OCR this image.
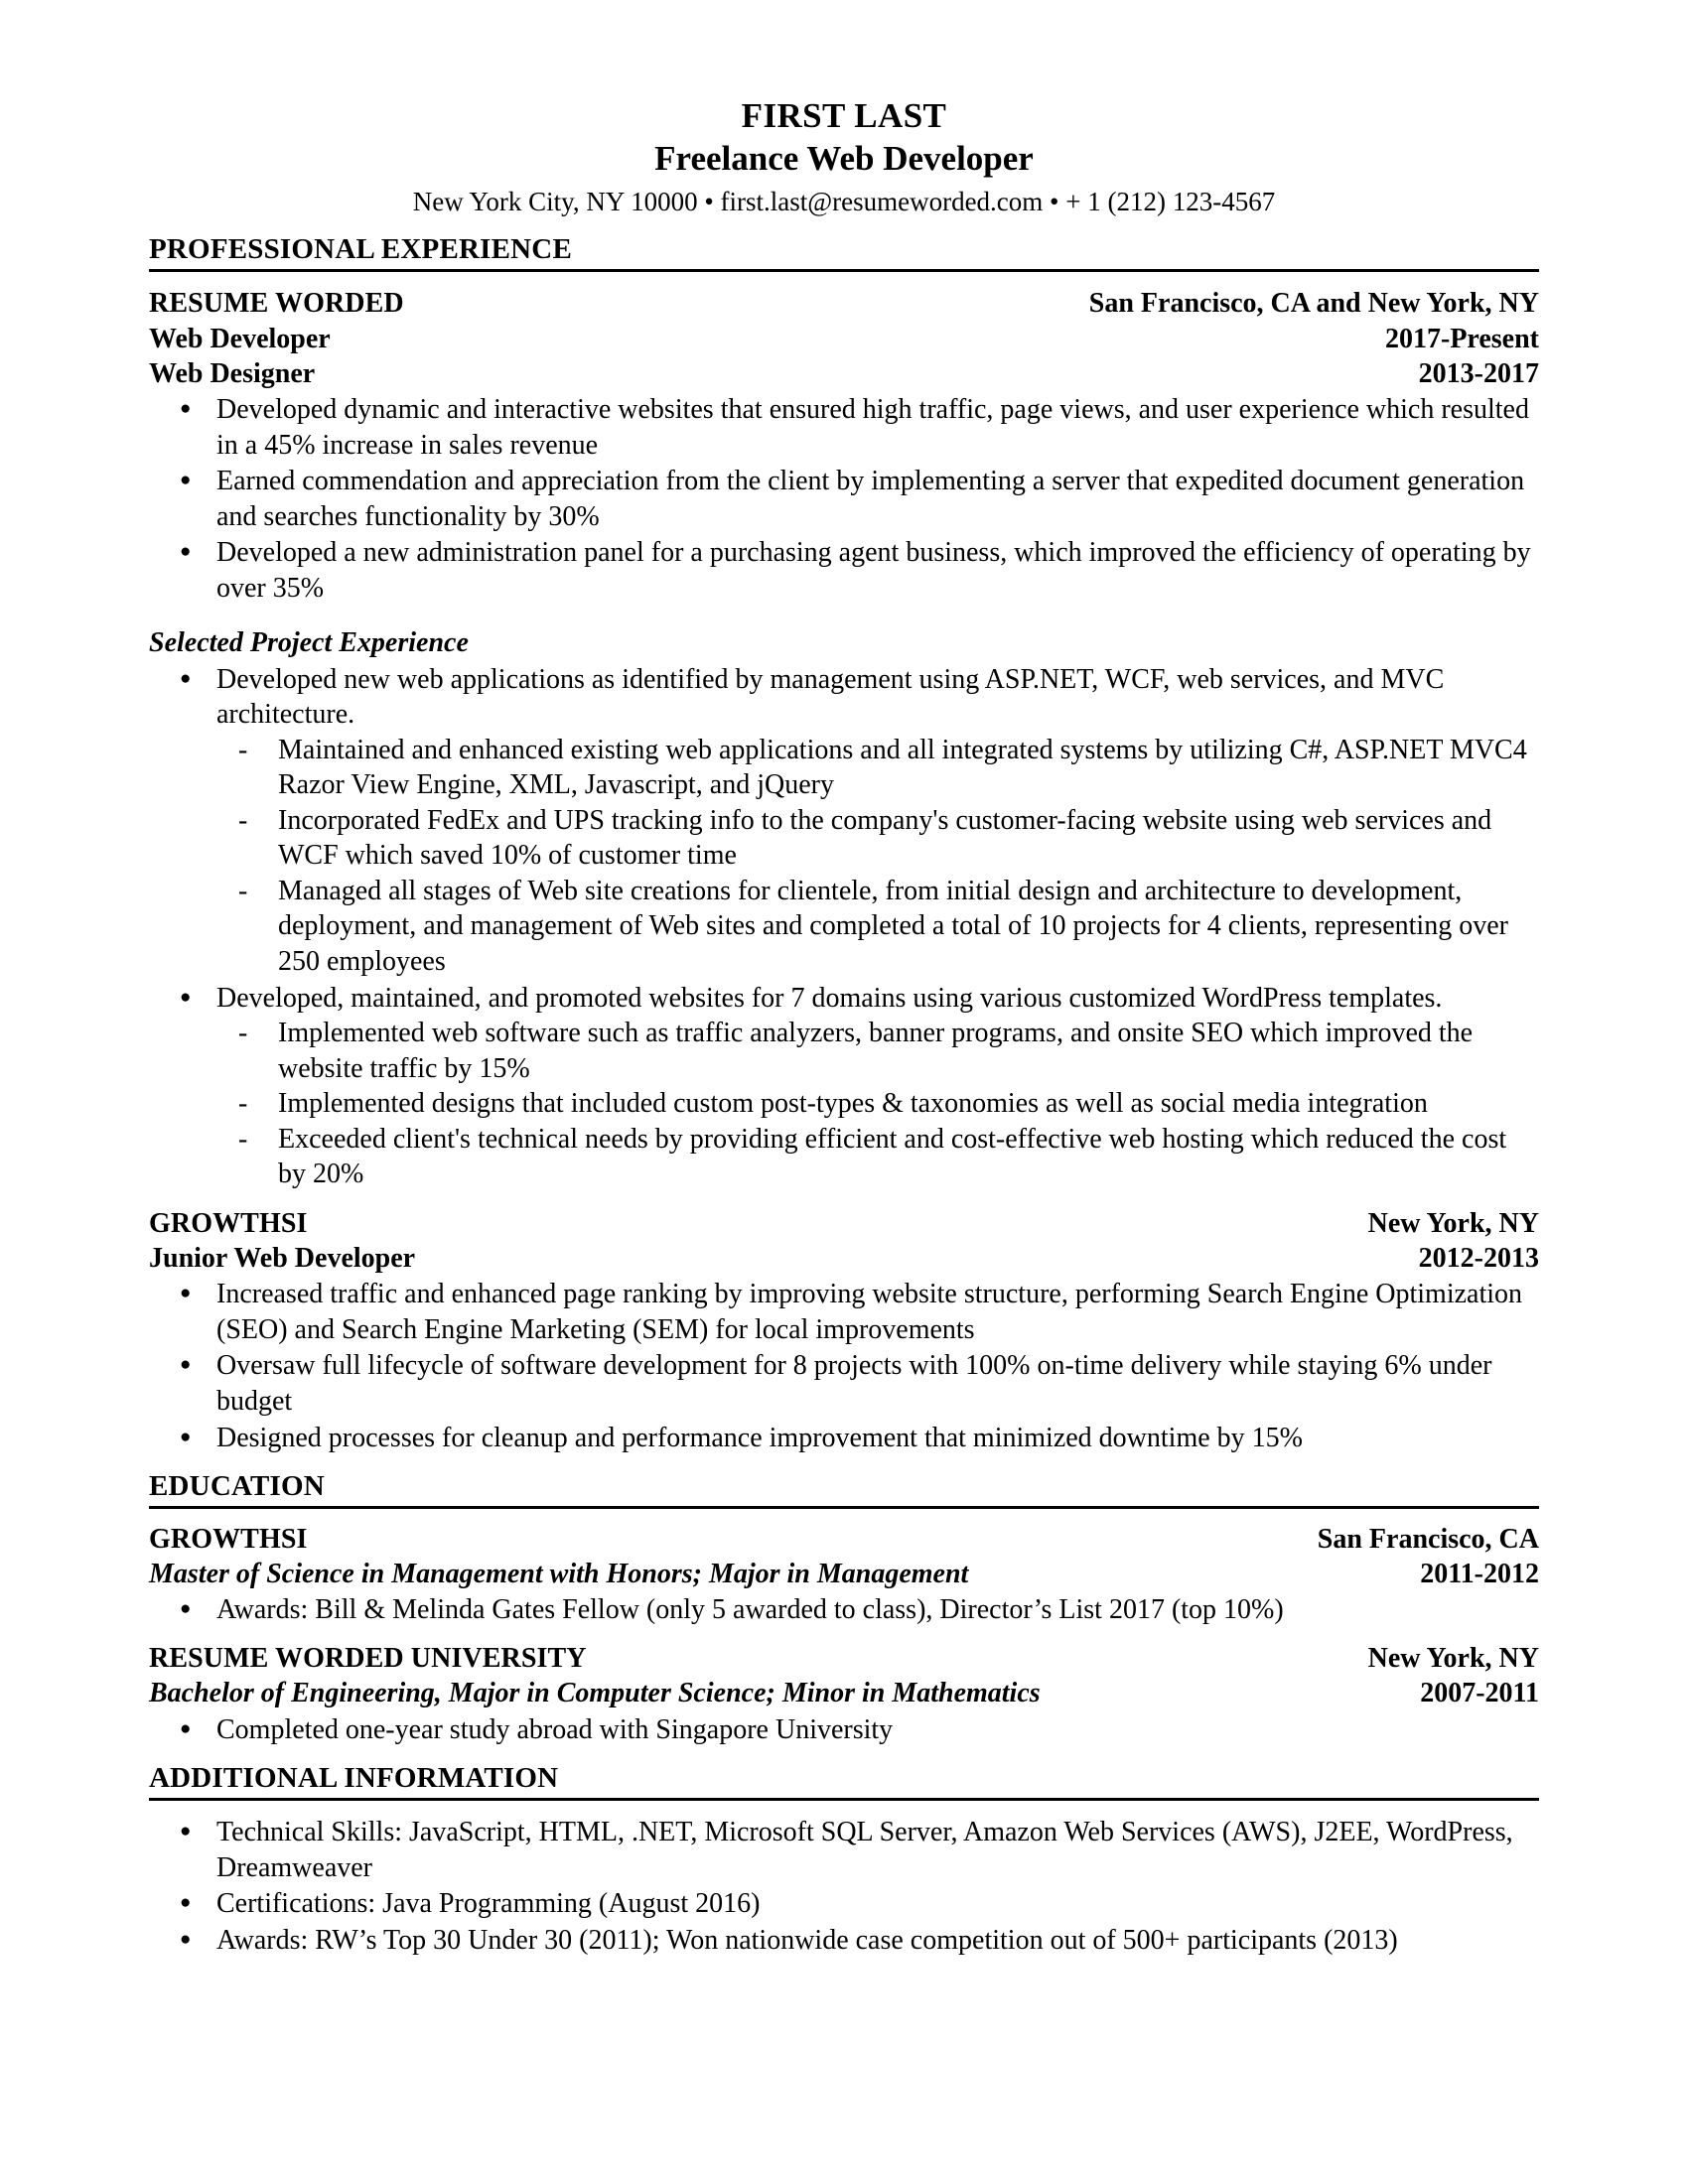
FIRST LAST
Freelance Web Developer
New York City, NY 10000 • first.last@resumeworded.com • + 1 (212) 123-4567
PROFESSIONAL EXPERIENCE
RESUME WORDED	San Francisco, CA and New York, NY
Web Developer	2017-Present
Web Designer	2013-2017
● Developed dynamic and interactive websites that ensured high traffic, page views, and user experience which resulted in a 45% increase in sales revenue
● Earned commendation and appreciation from the client by implementing a server that expedited document generation and searches functionality by 30%
● Developed a new administration panel for a purchasing agent business, which improved the efficiency of operating by over 35%
Selected Project Experience
● Developed new web applications as identified by management using ASP.NET, WCF, web services, and MVC architecture.
- Maintained and enhanced existing web applications and all integrated systems by utilizing C#, ASP.NET MVC4 Razor View Engine, XML, Javascript, and jQuery
- Incorporated FedEx and UPS tracking info to the company's customer-facing website using web services and WCF which saved 10% of customer time
- Managed all stages of Web site creations for clientele, from initial design and architecture to development, deployment, and management of Web sites and completed a total of 10 projects for 4 clients, representing over 250 employees
● Developed, maintained, and promoted websites for 7 domains using various customized WordPress templates.
- Implemented web software such as traffic analyzers, banner programs, and onsite SEO which improved the website traffic by 15%
- Implemented designs that included custom post-types & taxonomies as well as social media integration
- Exceeded client's technical needs by providing efficient and cost-effective web hosting which reduced the cost by 20%
GROWTHSI	New York, NY
Junior Web Developer	2012-2013
● Increased traffic and enhanced page ranking by improving website structure, performing Search Engine Optimization (SEO) and Search Engine Marketing (SEM) for local improvements
● Oversaw full lifecycle of software development for 8 projects with 100% on-time delivery while staying 6% under budget
● Designed processes for cleanup and performance improvement that minimized downtime by 15%
EDUCATION
GROWTHSI	San Francisco, CA
Master of Science in Management with Honors; Major in Management	2011-2012
● Awards: Bill & Melinda Gates Fellow (only 5 awarded to class), Director’s List 2017 (top 10%)
RESUME WORDED UNIVERSITY	New York, NY
Bachelor of Engineering, Major in Computer Science; Minor in Mathematics	2007-2011
● Completed one-year study abroad with Singapore University
ADDITIONAL INFORMATION
● Technical Skills: JavaScript, HTML, .NET, Microsoft SQL Server, Amazon Web Services (AWS), J2EE, WordPress, Dreamweaver
● Certifications: Java Programming (August 2016)
● Awards: RW’s Top 30 Under 30 (2011); Won nationwide case competition out of 500+ participants (2013)
